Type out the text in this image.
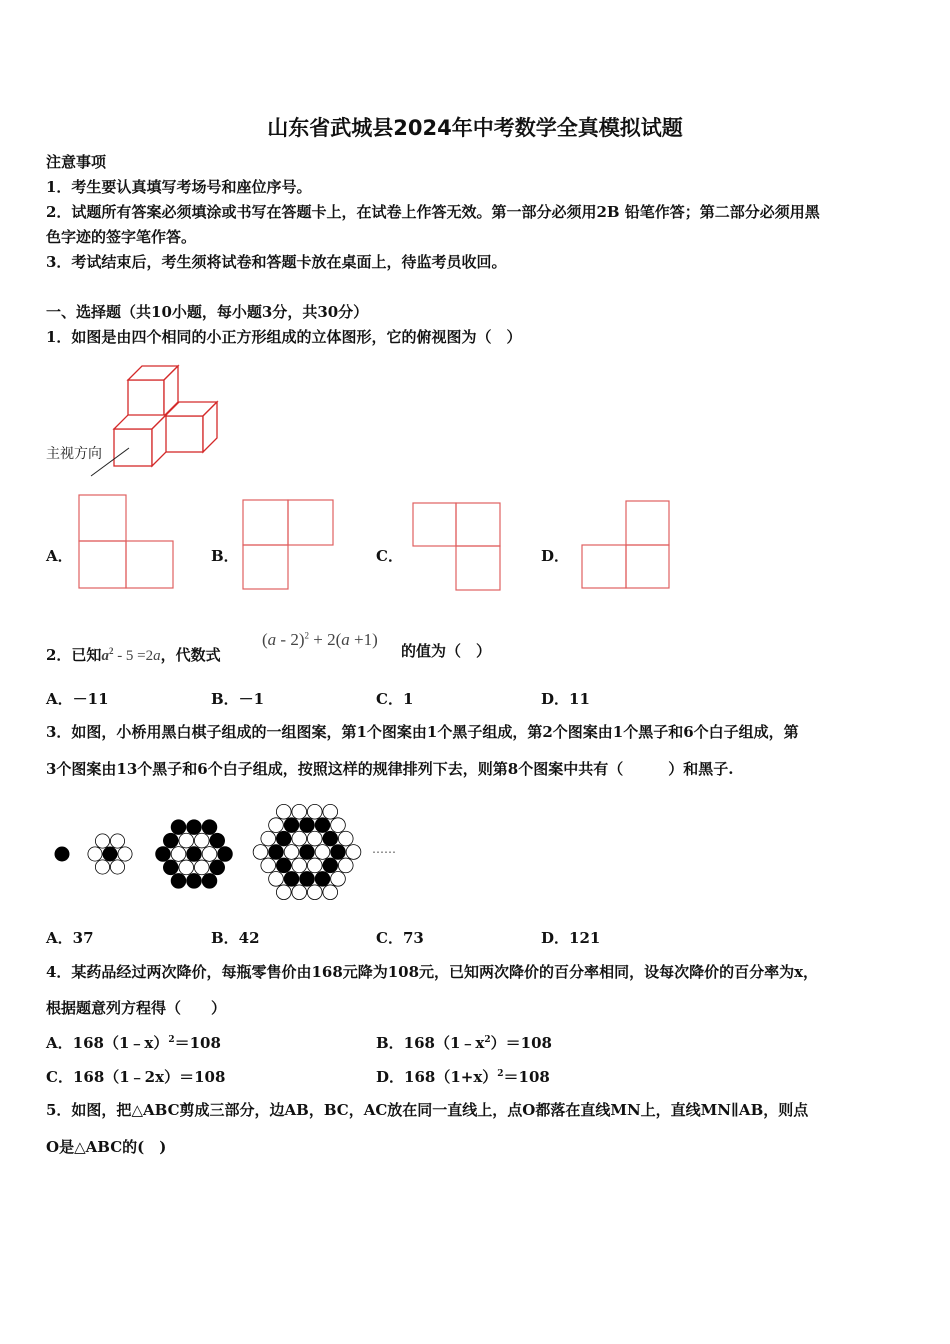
山东省武城县2024年中考数学全真模拟试题
注意事项
1．考生要认真填写考场号和座位序号。
2．试题所有答案必须填涂或书写在答题卡上，在试卷上作答无效。第一部分必须用2B 铅笔作答；第二部分必须用黑
色字迹的签字笔作答。
3．考试结束后，考生须将试卷和答题卡放在桌面上，待监考员收回。
一、选择题（共10小题，每小题3分，共30分）
1．如图是由四个相同的小正方形组成的立体图形，它的俯视图为（　）
主视方向
A．	B．	C．	D．
2．已知$a^2 - 5 =2a$，代数式
(a - 2)$^2$ + 2(a +1)
的值为（　）
A．－11	B．－1	C．1	D．11
3．如图，小桥用黑白棋子组成的一组图案，第1个图案由1个黑子组成，第2个图案由1个黑子和6个白子组成，第
3个图案由13个黑子和6个白子组成，按照这样的规律排列下去，则第8个图案中共有（　　　）和黑子.
……
A．37	B．42	C．73	D．121
4．某药品经过两次降价，每瓶零售价由168元降为108元，已知两次降价的百分率相同，设每次降价的百分率为x，
根据题意列方程得（　　）
A．168（1﹣x）$^2$＝108	B．$168(1﹣x^2)=108$
C．168（1﹣2x）＝108	D．$168(1+x)^2=108$
5．如图，把△ABC剪成三部分，边AB，BC，AC放在同一直线上，点O都落在直线MN上，直线MN∥AB，则点
O是△ABC的(　)
